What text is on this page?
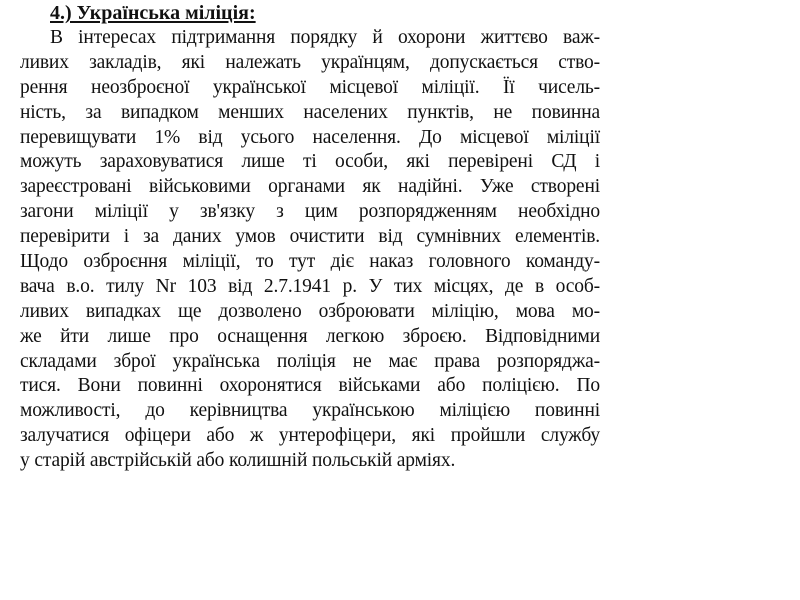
4.) Українська міліція:
В інтересах підтримання порядку й охорони життєво важ-
ливих закладів, які належать українцям, допускається ство-
рення неозброєної української місцевої міліції. Її чисель-
ність, за випадком менших населених пунктів, не повинна
перевищувати 1% від усього населення. До місцевої міліції
можуть зараховуватися лише ті особи, які перевірені СД і
зареєстровані військовими органами як надійні. Уже створені
загони міліції у зв'язку з цим розпорядженням необхідно
перевірити і за даних умов очистити від сумнівних елементів.
Щодо озброєння міліції, то тут діє наказ головного команду-
вача в.о. тилу Nr 103 від 2.7.1941 р. У тих місцях, де в особ-
ливих випадках ще дозволено озброювати міліцію, мова мо-
же йти лише про оснащення легкою зброєю. Відповідними
складами зброї українська поліція не має права розпоряджа-
тися. Вони повинні охоронятися військами або поліцією. По
можливості, до керівництва українською міліцією повинні
залучатися офіцери або ж унтерофіцери, які пройшли службу
у старій австрійській або колишній польській арміях.
